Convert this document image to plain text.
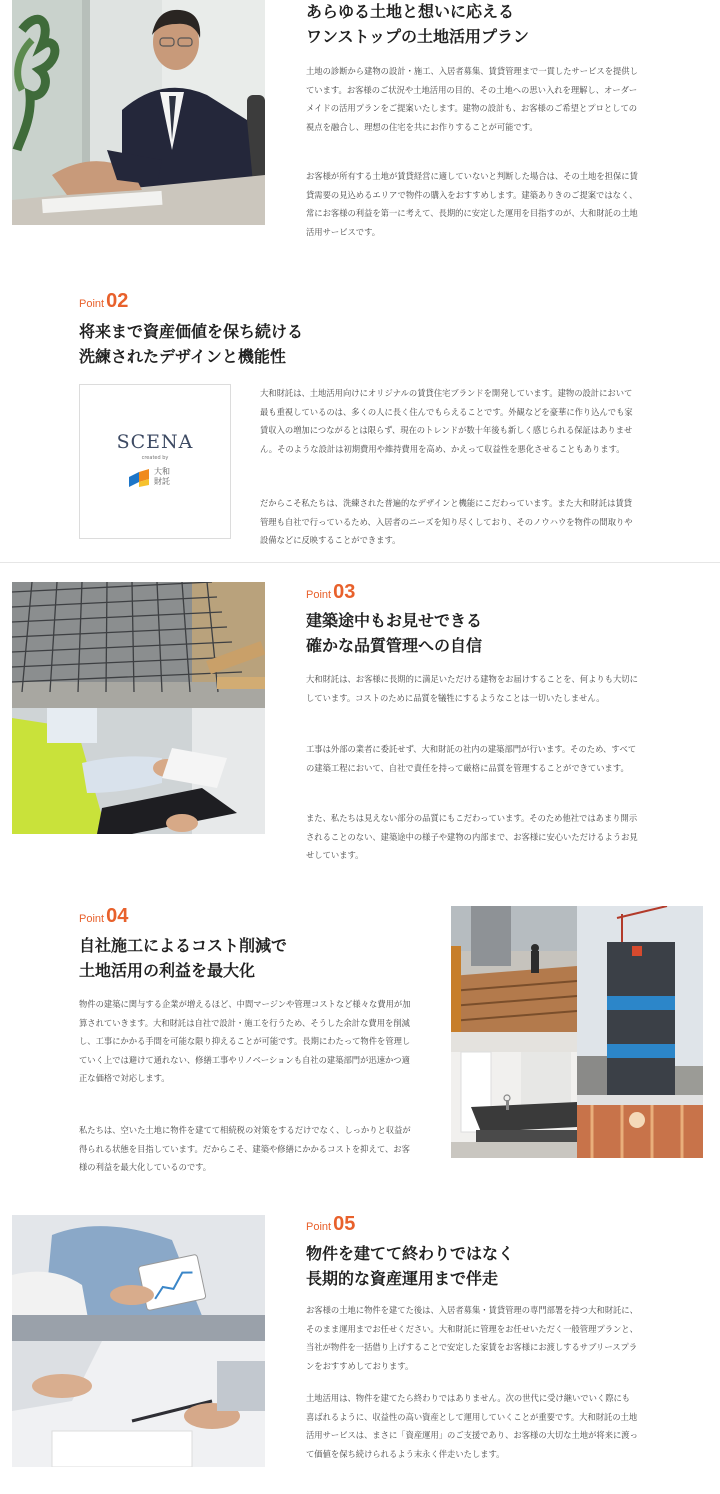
あらゆる土地と想いに応える
ワンストップの土地活用プラン

土地の診断から建物の設計・施工、入居者募集、賃貸管理まで一貫したサービスを提供しています。お客様のご状況や土地活用の目的、その土地への思い入れを理解し、オーダーメイドの活用プランをご提案いたします。建物の設計も、お客様のご希望とプロとしての視点を融合し、理想の住宅を共にお作りすることが可能です。

お客様が所有する土地が賃貸経営に適していないと判断した場合は、その土地を担保に賃貸需要の見込めるエリアで物件の購入をおすすめします。建築ありきのご提案ではなく、常にお客様の利益を第一に考えて、長期的に安定した運用を目指すのが、大和財託の土地活用サービスです。

Point 02
将来まで資産価値を保ち続ける
洗練されたデザインと機能性
SCENA
created by
大和
財託

大和財託は、土地活用向けにオリジナルの賃貸住宅ブランドを開発しています。建物の設計において最も重視しているのは、多くの人に長く住んでもらえることです。外観などを豪華に作り込んでも家賃収入の増加につながるとは限らず、現在のトレンドが数十年後も新しく感じられる保証はありません。そのような設計は初期費用や維持費用を高め、かえって収益性を悪化させることもあります。

だからこそ私たちは、洗練された普遍的なデザインと機能にこだわっています。また大和財託は賃貸管理も自社で行っているため、入居者のニーズを知り尽くしており、そのノウハウを物件の間取りや設備などに反映することができます。

Point 03
建築途中もお見せできる
確かな品質管理への自信

大和財託は、お客様に長期的に満足いただける建物をお届けすることを、何よりも大切にしています。コストのために品質を犠牲にするようなことは一切いたしません。

工事は外部の業者に委託せず、大和財託の社内の建築部門が行います。そのため、すべての建築工程において、自社で責任を持って厳格に品質を管理することができています。

また、私たちは見えない部分の品質にもこだわっています。そのため他社ではあまり開示されることのない、建築途中の様子や建物の内部まで、お客様に安心いただけるようお見せしています。

Point 04
自社施工によるコスト削減で
土地活用の利益を最大化

物件の建築に関与する企業が増えるほど、中間マージンや管理コストなど様々な費用が加算されていきます。大和財託は自社で設計・施工を行うため、そうした余計な費用を削減し、工事にかかる手間を可能な限り抑えることが可能です。長期にわたって物件を管理していく上では避けて通れない、修繕工事やリノベーションも自社の建築部門が迅速かつ適正な価格で対応します。

私たちは、空いた土地に物件を建てて相続税の対策をするだけでなく、しっかりと収益が得られる状態を目指しています。だからこそ、建築や修繕にかかるコストを抑えて、お客様の利益を最大化しているのです。

Point 05
物件を建てて終わりではなく
長期的な資産運用まで伴走

お客様の土地に物件を建てた後は、入居者募集・賃貸管理の専門部署を持つ大和財託に、そのまま運用までお任せください。大和財託に管理をお任せいただく一般管理プランと、当社が物件を一括借り上げすることで安定した家賃をお客様にお渡しするサブリースプランをおすすめしております。

土地活用は、物件を建てたら終わりではありません。次の世代に受け継いでいく際にも喜ばれるように、収益性の高い資産として運用していくことが重要です。大和財託の土地活用サービスは、まさに「資産運用」のご支援であり、お客様の大切な土地が将来に渡って価値を保ち続けられるよう末永く伴走いたします。
